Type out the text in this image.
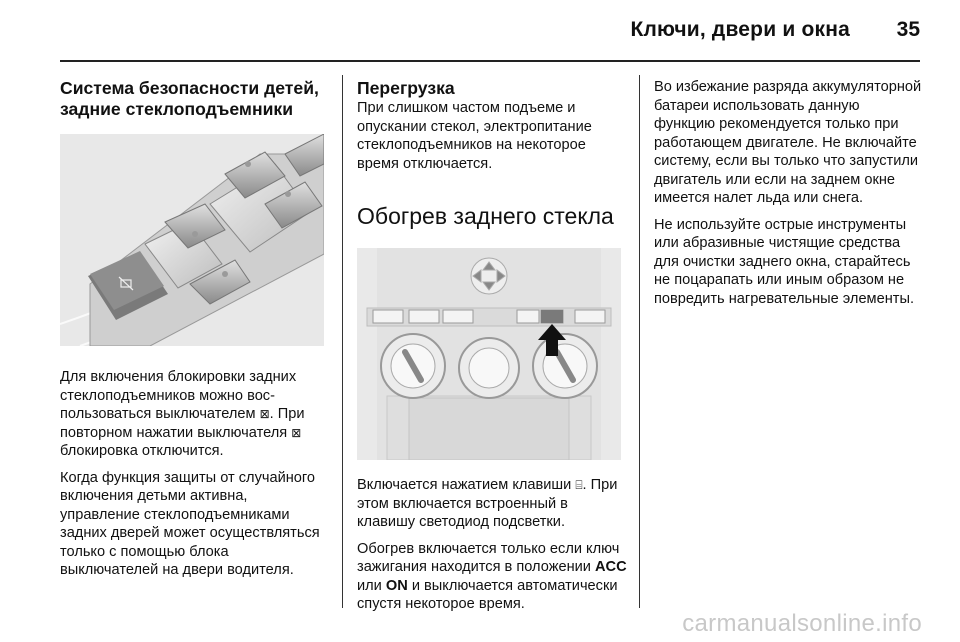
Ключи, двери и окна 35
Система безопасности детей, задние стеклоподъемники

Для включения блокировки задних стеклоподъемников можно воспользоваться выключателем ⊠. При повторном нажатии выключателя ⊠ блокировка отключится.

Когда функция защиты от случайного включения детьми активна, управление стеклоподъемниками задних дверей может осуществляться только с помощью блока выключателей на двери водителя.

Перегрузка

При слишком частом подъеме и опускании стекол, электропитание стеклоподъемников на некоторое время отключается.

Обогрев заднего стекла

Включается нажатием клавиши ⌸. При этом включается встроенный в клавишу светодиод подсветки.

Обогрев включается только если ключ зажигания находится в положении ACC или ON и выключается автоматически спустя некоторое время.

Во избежание разряда аккумуляторной батареи использовать данную функцию рекомендуется только при работающем двигателе. Не включайте систему, если вы только что запустили двигатель или если на заднем окне имеется налет льда или снега.

Не используйте острые инструменты или абразивные чистящие средства для очистки заднего окна, старайтесь не поцарапать или иным образом не повредить нагревательные элементы.

carmanualsonline.info
